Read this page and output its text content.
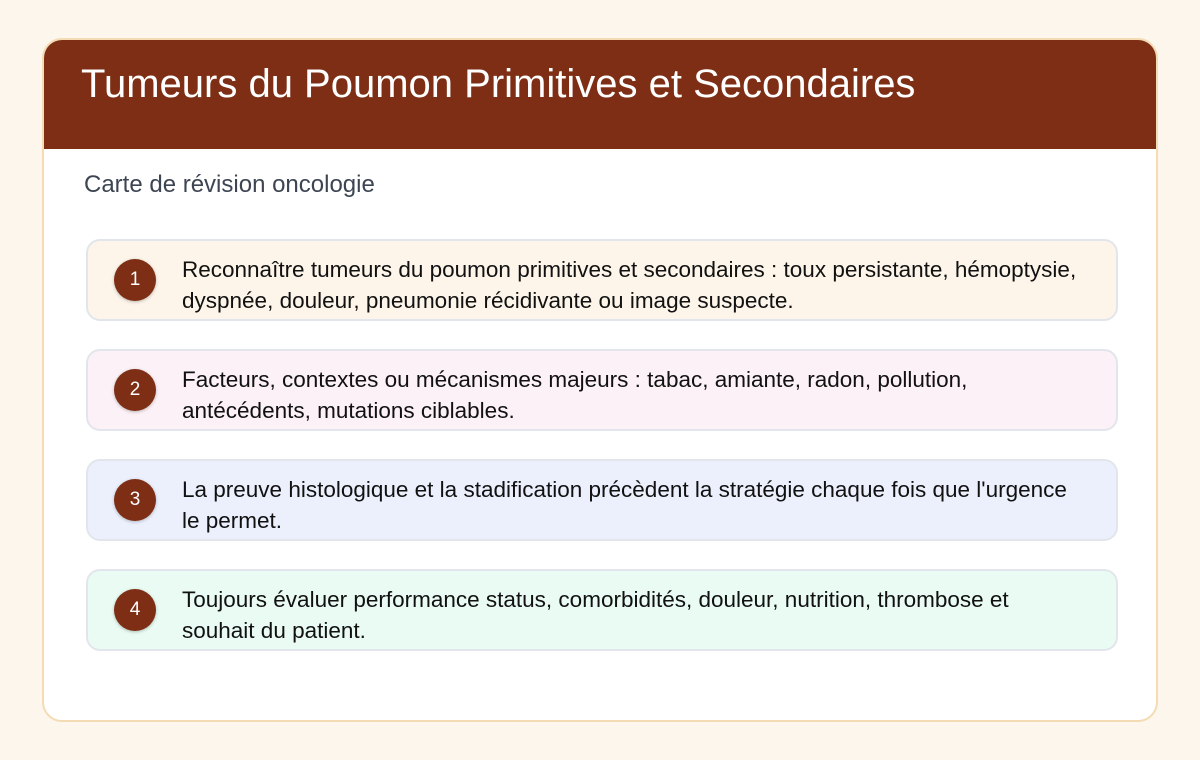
Tumeurs du Poumon Primitives et Secondaires
Carte de révision oncologie
1	Reconnaître tumeurs du poumon primitives et secondaires : toux persistante, hémoptysie, dyspnée, douleur, pneumonie récidivante ou image suspecte.
2	Facteurs, contextes ou mécanismes majeurs : tabac, amiante, radon, pollution, antécédents, mutations ciblables.
3	La preuve histologique et la stadification précèdent la stratégie chaque fois que l'urgence le permet.
4	Toujours évaluer performance status, comorbidités, douleur, nutrition, thrombose et souhait du patient.
